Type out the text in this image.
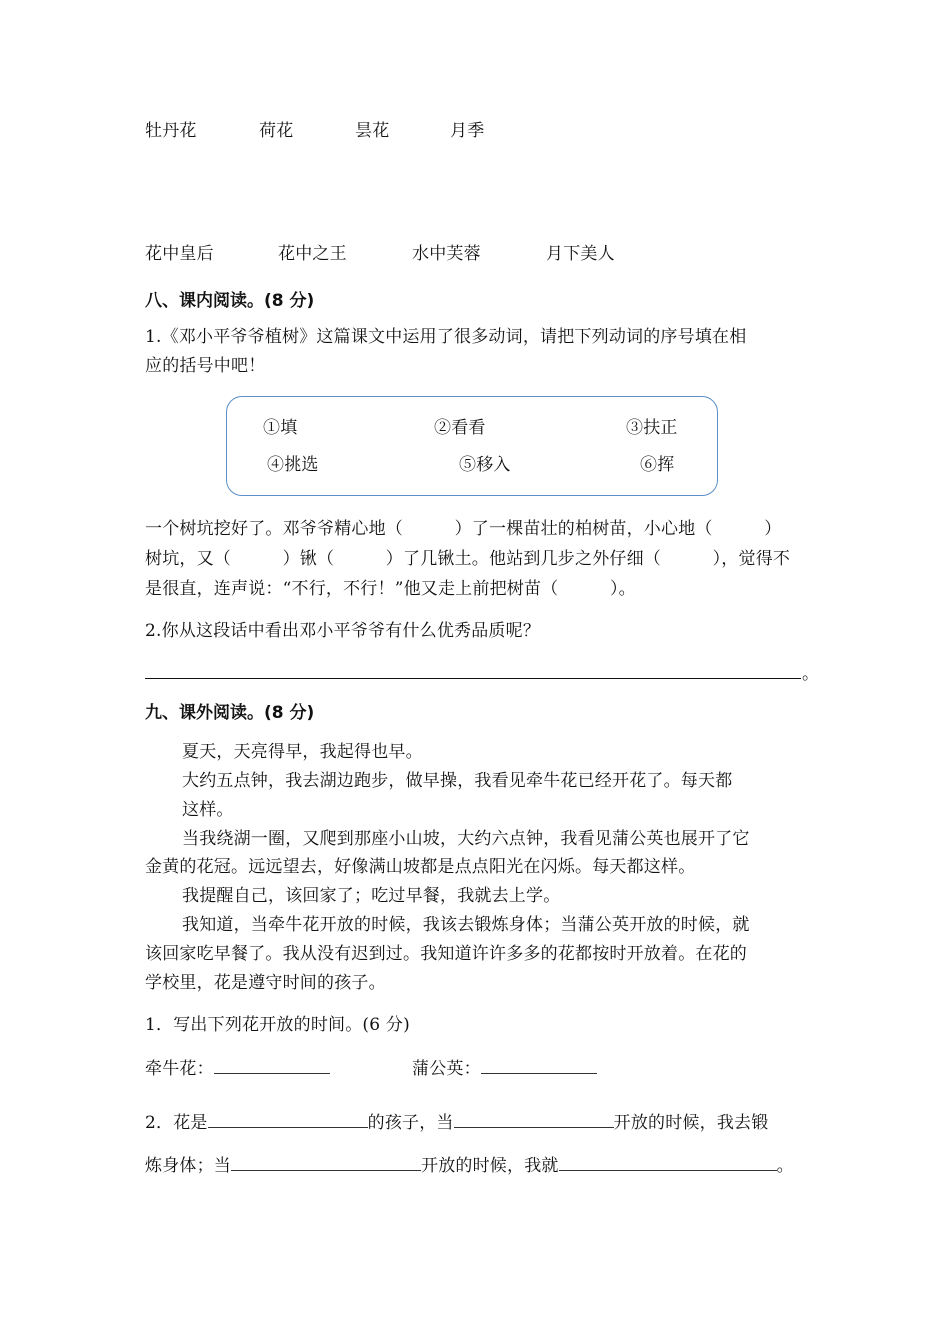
牡丹花	荷花	昙花	月季
花中皇后	花中之王	水中芙蓉	月下美人
八、课内阅读。(8 分)
1.《邓小平爷爷植树》这篇课文中运用了很多动词，请把下列动词的序号填在相
应的括号中吧！
①填	②看看	③扶正
④挑选	⑤移入	⑥挥
一个树坑挖好了。邓爷爷精心地（　　　）了一棵苗壮的柏树苗，小心地（　　　）
树坑，又（　　　）锹（　　　）了几锹土。他站到几步之外仔细（　　　），觉得不
是很直，连声说：“不行，不行！”他又走上前把树苗（　　　）。
2.你从这段话中看出邓小平爷爷有什么优秀品质呢？
。
九、课外阅读。(8 分)
夏天，天亮得早，我起得也早。
大约五点钟，我去湖边跑步，做早操，我看见牵牛花已经开花了。每天都
这样。
当我绕湖一圈，又爬到那座小山坡，大约六点钟，我看见蒲公英也展开了它
金黄的花冠。远远望去，好像满山坡都是点点阳光在闪烁。每天都这样。
我提醒自己，该回家了；吃过早餐，我就去上学。
我知道，当牵牛花开放的时候，我该去锻炼身体；当蒲公英开放的时候，就
该回家吃早餐了。我从没有迟到过。我知道许许多多的花都按时开放着。在花的
学校里，花是遵守时间的孩子。
1．写出下列花开放的时间。(6 分)
牵牛花：	蒲公英：
2．花是	的孩子，当	开放的时候，我去锻
炼身体；当	开放的时候，我就	。
